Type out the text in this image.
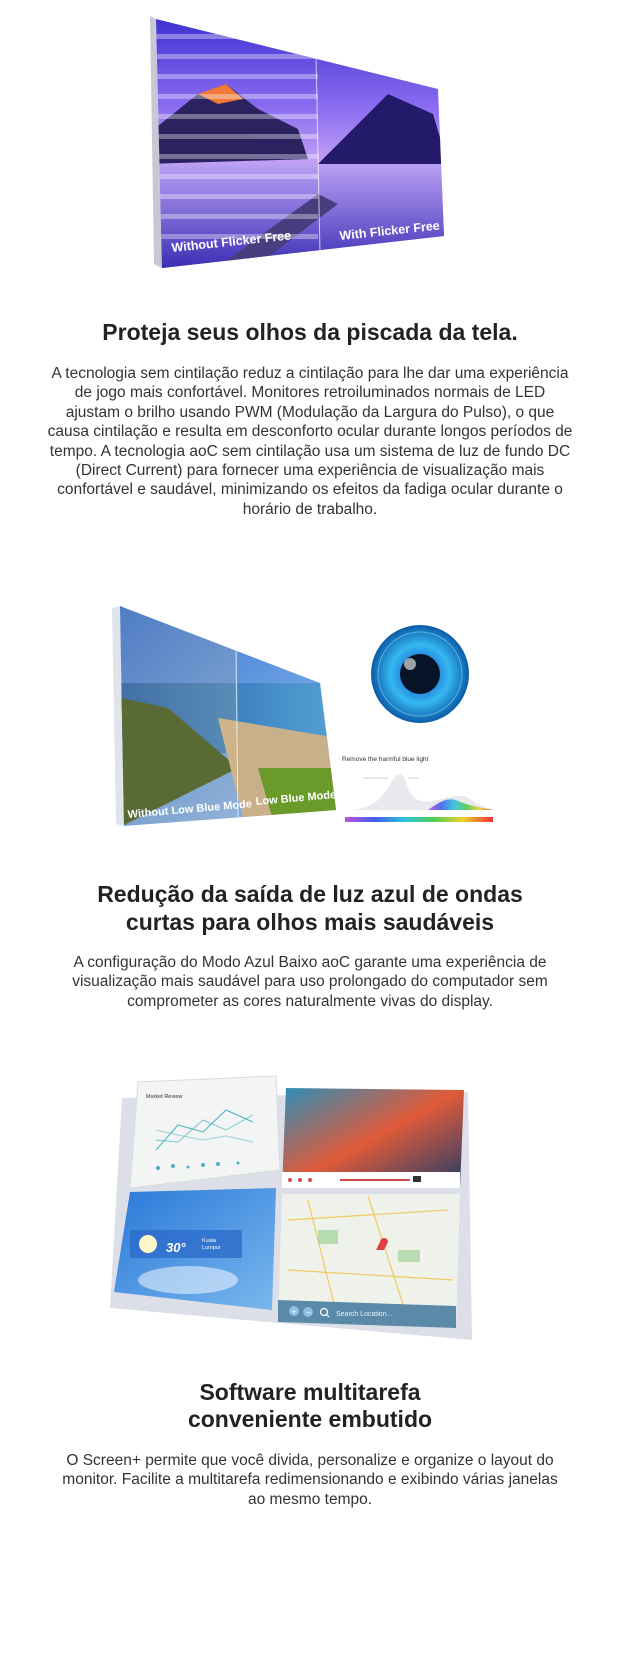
Without Flicker Free	With Flicker Free
Proteja seus olhos da piscada da tela.

A tecnologia sem cintilação reduz a cintilação para lhe dar uma experiência de jogo mais confortável. Monitores retroiluminados normais de LED ajustam o brilho usando PWM (Modulação da Largura do Pulso), o que causa cintilação e resulta em desconforto ocular durante longos períodos de tempo. A tecnologia aoC sem cintilação usa um sistema de luz de fundo DC (Direct Current) para fornecer uma experiência de visualização mais confortável e saudável, minimizando os efeitos da fadiga ocular durante o horário de trabalho.

Without Low Blue Mode Low Blue Mode
Remove the harmful blue light
Redução da saída de luz azul de ondas
curtas para olhos mais saudáveis

A configuração do Modo Azul Baixo aoC garante uma experiência de visualização mais saudável para uso prolongado do computador sem comprometer as cores naturalmente vivas do display.

Market Review
30°	Kuala
Lumpur
+ −	Search Location...
Software multitarefa
conveniente embutido

O Screen+ permite que você divida, personalize e organize o layout do monitor. Facilite a multitarefa redimensionando e exibindo várias janelas ao mesmo tempo.
